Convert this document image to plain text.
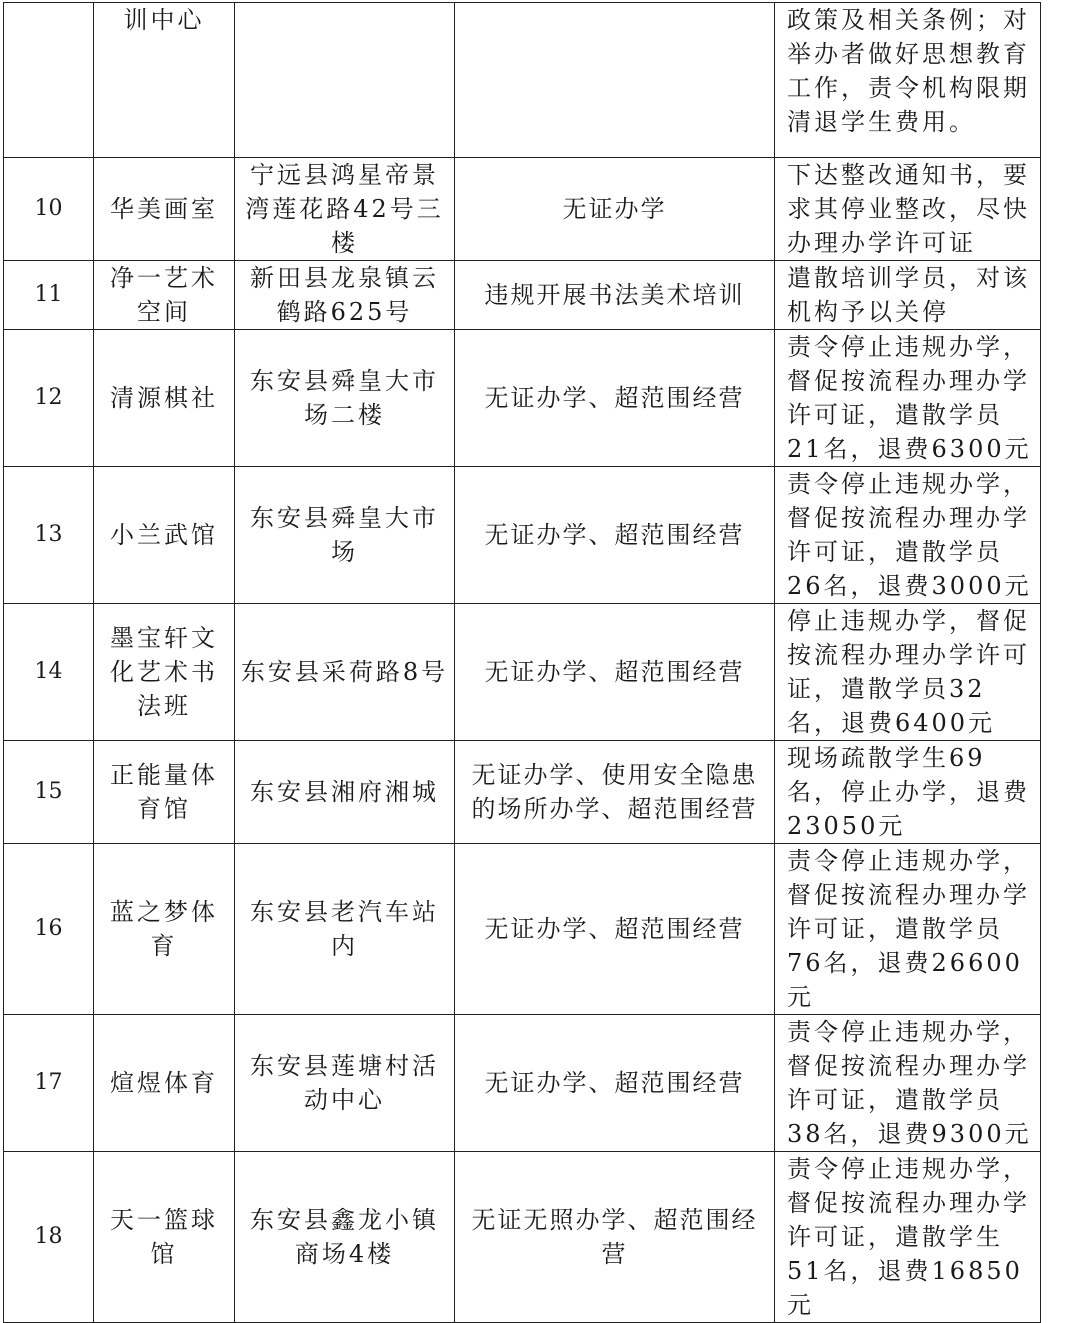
	训中心			政策及相关条例；对举办者做好思想教育工作，责令机构限期清退学生费用。
10	华美画室	宁远县鸿星帝景湾莲花路42号三楼	无证办学	下达整改通知书，要求其停业整改，尽快办理办学许可证
11	净一艺术空间	新田县龙泉镇云鹤路625号	违规开展书法美术培训	遣散培训学员，对该机构予以关停
12	清源棋社	东安县舜皇大市场二楼	无证办学、超范围经营	责令停止违规办学，督促按流程办理办学许可证，遣散学员21名，退费6300元
13	小兰武馆	东安县舜皇大市场	无证办学、超范围经营	责令停止违规办学，督促按流程办理办学许可证，遣散学员26名，退费3000元
14	墨宝轩文化艺术书法班	东安县采荷路8号	无证办学、超范围经营	停止违规办学，督促按流程办理办学许可证，遣散学员32名，退费6400元
15	正能量体育馆	东安县湘府湘城	无证办学、使用安全隐患的场所办学、超范围经营	现场疏散学生69名，停止办学，退费23050元
16	蓝之梦体育	东安县老汽车站内	无证办学、超范围经营	责令停止违规办学，督促按流程办理办学许可证，遣散学员76名，退费26600元
17	煊煜体育	东安县莲塘村活动中心	无证办学、超范围经营	责令停止违规办学，督促按流程办理办学许可证，遣散学员38名，退费9300元
18	天一篮球馆	东安县鑫龙小镇商场4楼	无证无照办学、超范围经营	责令停止违规办学，督促按流程办理办学许可证，遣散学生51名，退费16850元
